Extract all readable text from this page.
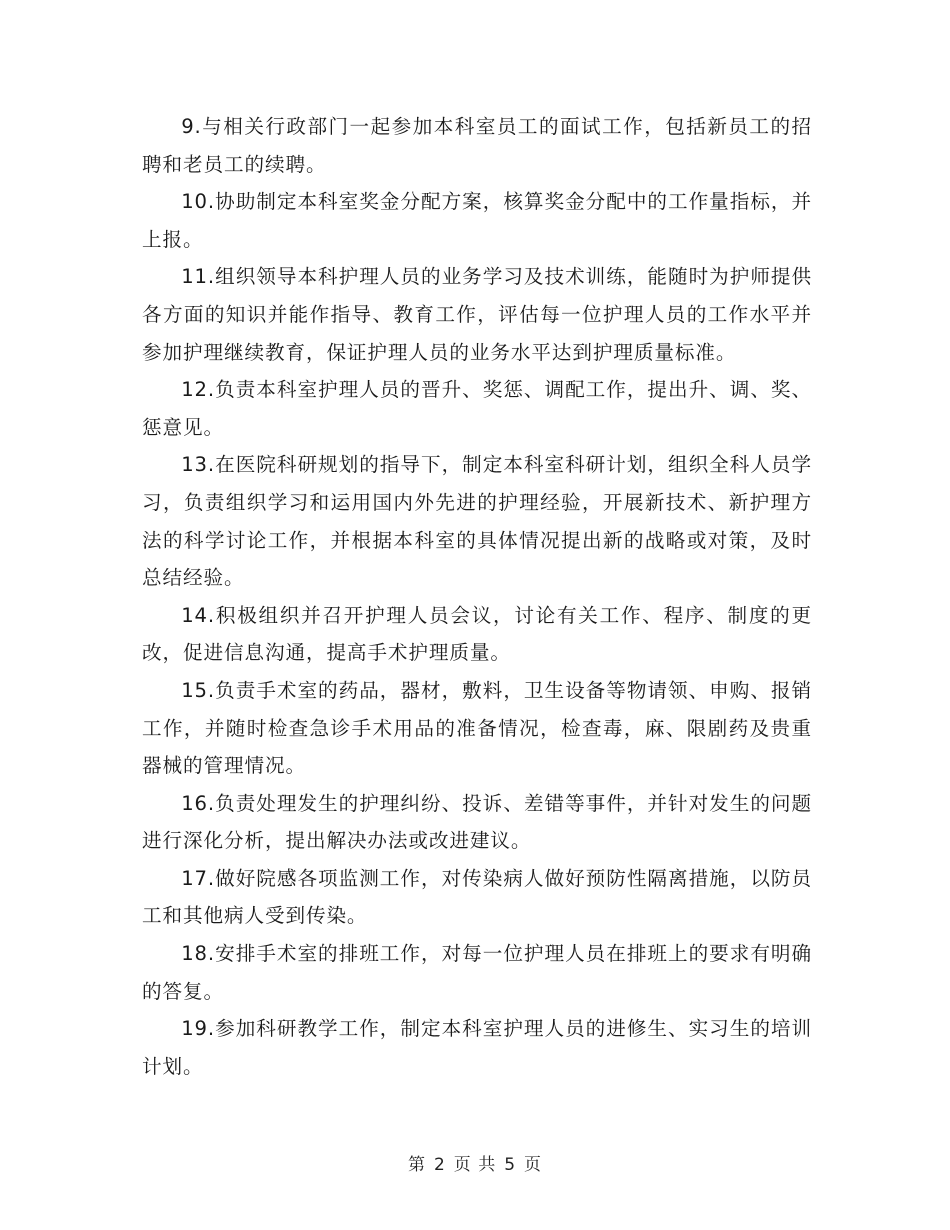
9.与相关行政部门一起参加本科室员工的面试工作，包括新员工的招聘和老员工的续聘。

10.协助制定本科室奖金分配方案，核算奖金分配中的工作量指标，并上报。

11.组织领导本科护理人员的业务学习及技术训练，能随时为护师提供各方面的知识并能作指导、教育工作，评估每一位护理人员的工作水平并参加护理继续教育，保证护理人员的业务水平达到护理质量标准。

12.负责本科室护理人员的晋升、奖惩、调配工作，提出升、调、奖、惩意见。

13.在医院科研规划的指导下，制定本科室科研计划，组织全科人员学习，负责组织学习和运用国内外先进的护理经验，开展新技术、新护理方法的科学讨论工作，并根据本科室的具体情况提出新的战略或对策，及时总结经验。

14.积极组织并召开护理人员会议，讨论有关工作、程序、制度的更改，促进信息沟通，提高手术护理质量。

15.负责手术室的药品，器材，敷料，卫生设备等物请领、申购、报销工作，并随时检查急诊手术用品的准备情况，检查毒，麻、限剧药及贵重器械的管理情况。

16.负责处理发生的护理纠纷、投诉、差错等事件，并针对发生的问题进行深化分析，提出解决办法或改进建议。

17.做好院感各项监测工作，对传染病人做好预防性隔离措施，以防员工和其他病人受到传染。

18.安排手术室的排班工作，对每一位护理人员在排班上的要求有明确的答复。

19.参加科研教学工作，制定本科室护理人员的进修生、实习生的培训计划。

第 2 页 共 5 页
